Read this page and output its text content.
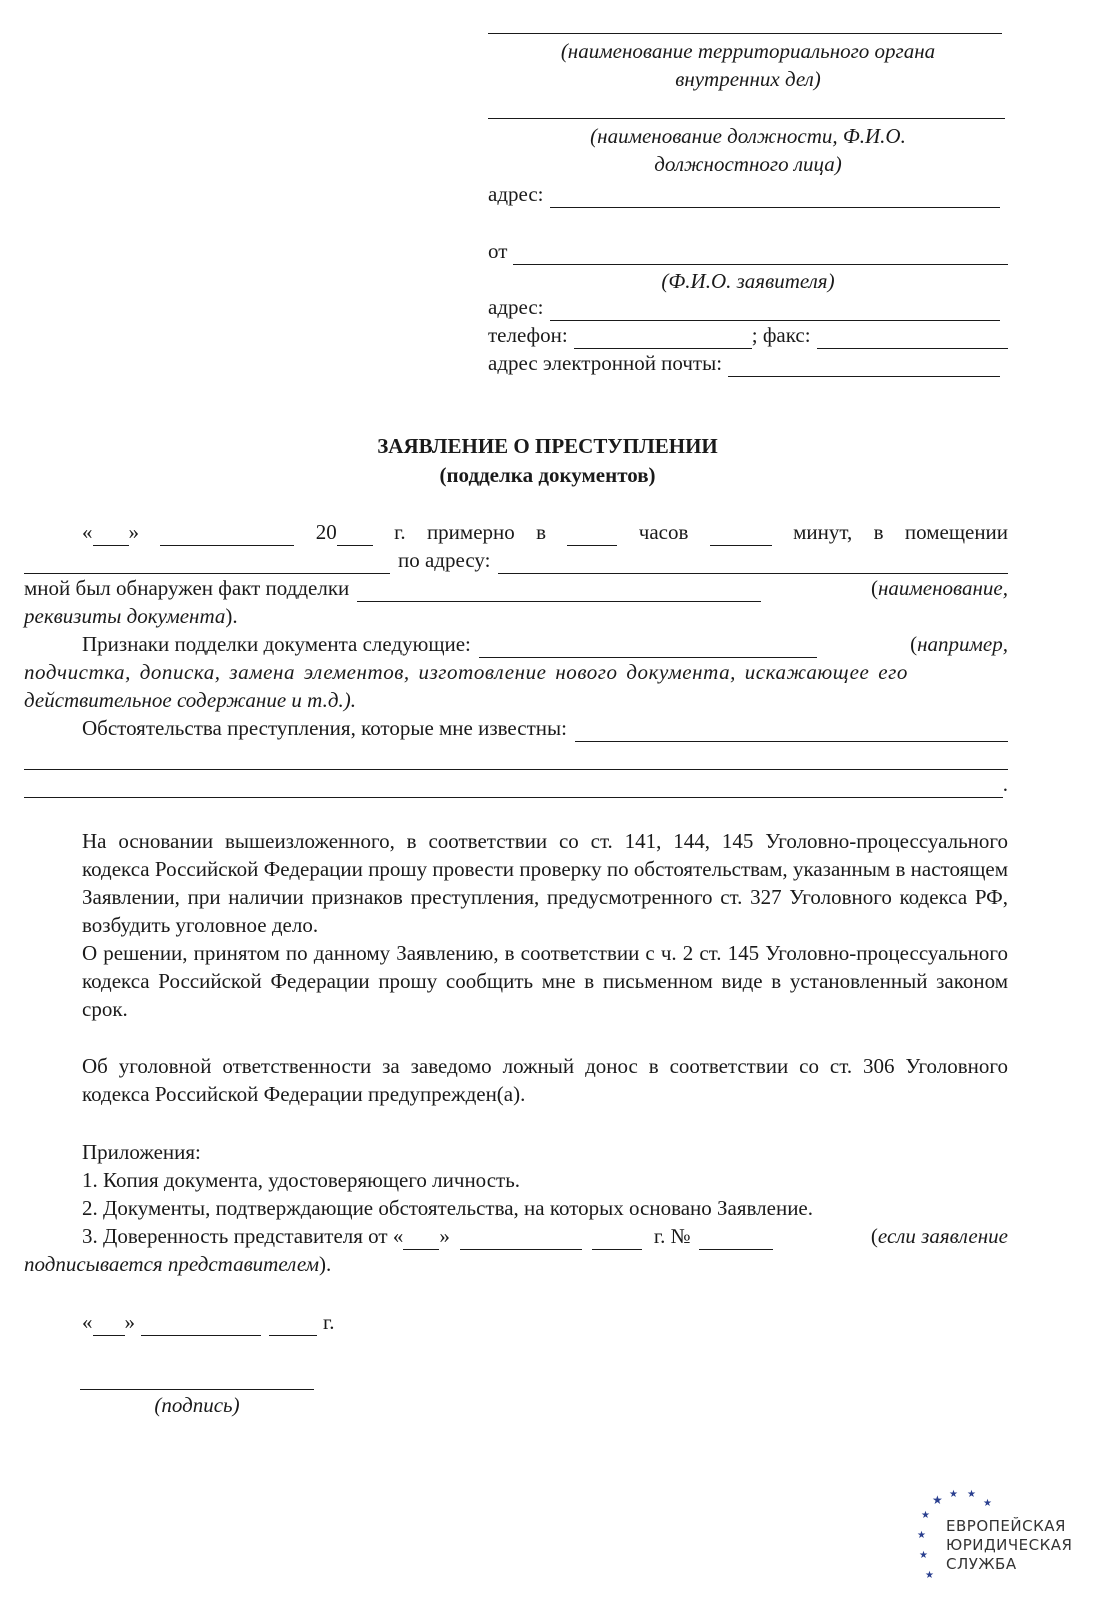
(наименование территориального органа
внутренних дел)
(наименование должности, Ф.И.О.
должностного лица)
адрес:
от
(Ф.И.О. заявителя)
адрес:
телефон:	; факс:
адрес электронной почты:
ЗАЯВЛЕНИЕ О ПРЕСТУПЛЕНИИ
(подделка документов)
« »	20	г. примерно в	часов	минут, в помещении
по адресу:
мной был обнаружен факт подделки	( наименование,
реквизиты документа ).
Признаки подделки документа следующие:	( например,
подчистка, дописка, замена элементов, изготовление нового документа, искажающее его
действительное содержание и т.д.).
Обстоятельства преступления, которые мне известны:
.

На основании вышеизложенного, в соответствии со ст. 141, 144, 145 Уголовно-процессуального кодекса Российской Федерации прошу провести проверку по обстоятельствам, указанным в настоящем Заявлении, при наличии признаков преступления, предусмотренного ст. 327 Уголовного кодекса РФ, возбудить уголовное дело.

О решении, принятом по данному Заявлению, в соответствии с ч. 2 ст. 145 Уголовно-процессуального кодекса Российской Федерации прошу сообщить мне в письменном виде в установленный законом срок.

Об уголовной ответственности за заведомо ложный донос в соответствии со ст. 306 Уголовного кодекса Российской Федерации предупрежден(а).

Приложения:
1. Копия документа, удостоверяющего личность.
2. Документы, подтверждающие обстоятельства, на которых основано Заявление.
3. Доверенность представителя от « »	г. №	( если заявление
подписывается представителем ).
« »	г.
(подпись)
★ ★ ★
★
★
★
★
★
ЕВРОПЕЙСКАЯ
ЮРИДИЧЕСКАЯ
СЛУЖБА
